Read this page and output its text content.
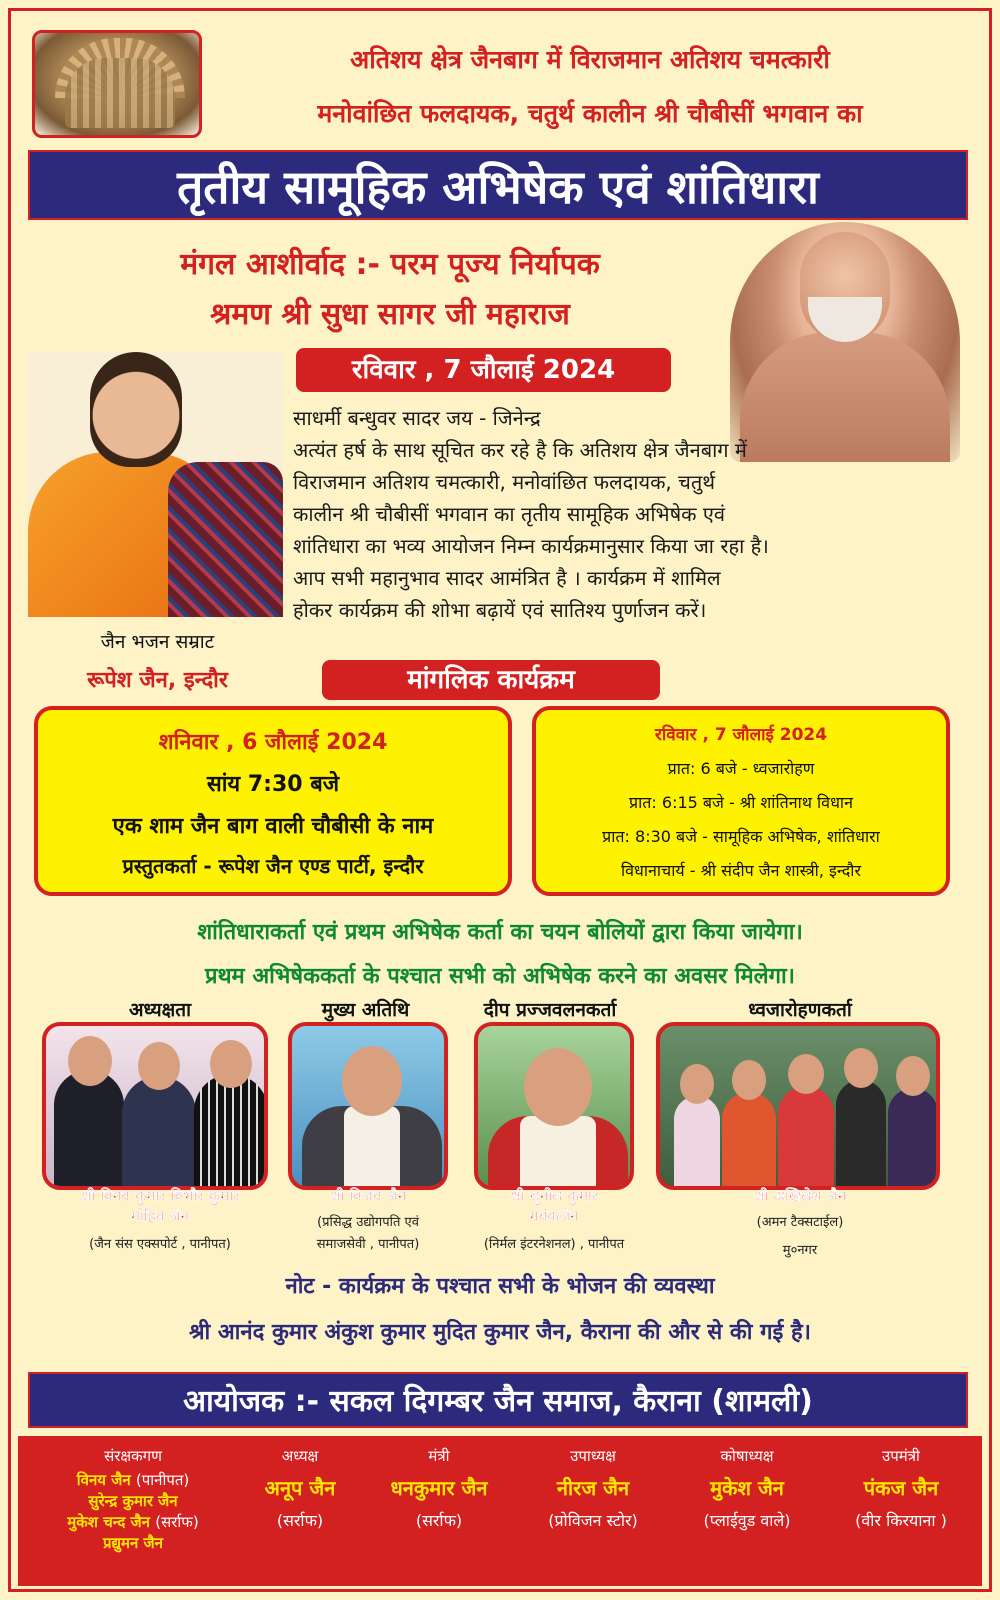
अतिशय क्षेत्र जैनबाग में विराजमान अतिशय चमत्कारी
मनोवांछित फलदायक, चतुर्थ कालीन श्री चौबीसीं भगवान का
तृतीय सामूहिक अभिषेक एवं शांतिधारा
मंगल आशीर्वाद :- परम पूज्य निर्यापक
श्रमण श्री सुधा सागर जी महाराज
रविवार , 7 जौलाई 2024
साधर्मी बन्धुवर सादर जय - जिनेन्द्र
अत्यंत हर्ष के साथ सूचित कर रहे है कि अतिशय क्षेत्र जैनबाग में
विराजमान अतिशय चमत्कारी, मनोवांछित फलदायक, चतुर्थ
कालीन श्री चौबीसीं भगवान का तृतीय सामूहिक अभिषेक एवं
शांतिधारा का भव्य आयोजन निम्न कार्यक्रमानुसार किया जा रहा है।
आप सभी महानुभाव सादर आमंत्रित है । कार्यक्रम में शामिल
होकर कार्यक्रम की शोभा बढ़ायें एवं सातिश्य पुर्णाजन करें।
जैन भजन सम्राट
रूपेश जैन, इन्दौर	मांगलिक कार्यक्रम
शनिवार , 6 जौलाई 2024
सांय 7:30 बजे
एक शाम जैन बाग वाली चौबीसी के नाम
प्रस्तुतकर्ता - रूपेश जैन एण्ड पार्टी, इन्दौर
रविवार , 7 जौलाई 2024
प्रात: 6 बजे - ध्वजारोहण
प्रात: 6:15 बजे - श्री शांतिनाथ विधान
प्रात: 8:30 बजे - सामूहिक अभिषेक, शांतिधारा
विधानाचार्य - श्री संदीप जैन शास्त्री, इन्दौर
शांतिधाराकर्ता एवं प्रथम अभिषेक कर्ता का चयन बोलियों द्वारा किया जायेगा।
प्रथम अभिषेककर्ता के पश्चात सभी को अभिषेक करने का अवसर मिलेगा।
अध्यक्षता	मुख्य अतिथि	दीप प्रज्जवलनकर्ता	ध्वजारोहणकर्ता
श्री विनय कुमार विभौर कुमार
मोहित जैन
(जैन संस एक्सपोर्ट , पानीपत)
श्री विजय जैन
(प्रसिद्ध उद्योगपति एवं
समाजसेवी , पानीपत)
श्री सुनील कुमार
मयंकजैन
(निर्मल इंटरनेशनल) , पानीपत
श्री अखिलेश जैन
(अमन टैक्सटाईल)
मु०नगर
नोट - कार्यक्रम के पश्चात सभी के भोजन की व्यवस्था
श्री आनंद कुमार अंकुश कुमार मुदित कुमार जैन, कैराना की और से की गई है।
आयोजक :- सकल दिगम्बर जैन समाज, कैराना (शामली)
संरक्षकगण
विनय जैन (पानीपत)
सुरेन्द्र कुमार जैन
मुकेश चन्द जैन (सर्राफ)
प्रद्युमन जैन
अध्यक्ष
अनूप जैन
(सर्राफ)
मंत्री
धनकुमार जैन
(सर्राफ)
उपाध्यक्ष
नीरज जैन
(प्रोविजन स्टोर)
कोषाध्यक्ष
मुकेश जैन
(प्लाईवुड वाले)
उपमंत्री
पंकज जैन
(वीर किरयाना )
